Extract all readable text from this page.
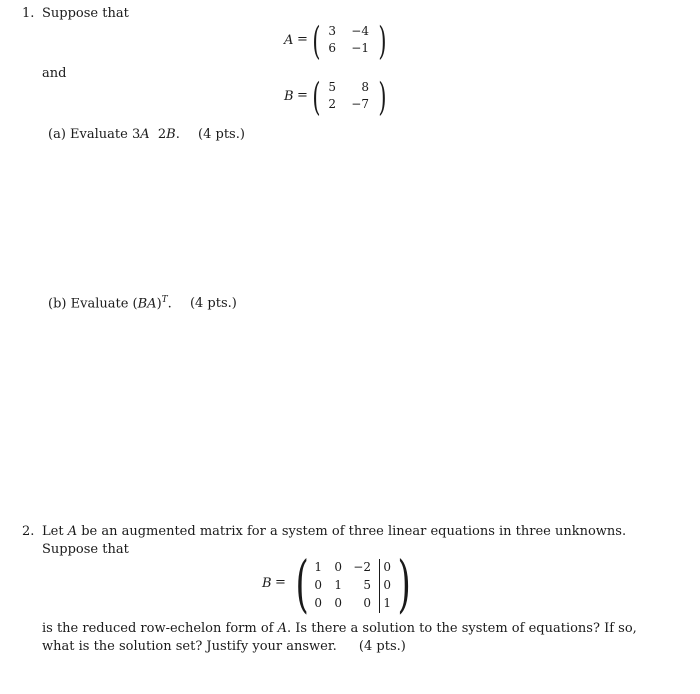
1. Suppose that
A = ( 3	−4
6	−1 )
and
B = ( 5	8
2	−7 )
(a) Evaluate 3A  2B. (4 pts.)
(b) Evaluate (BA)$^T$. (4 pts.)
2. Let A be an augmented matrix for a system of three linear equations in three unknowns.
Suppose that
B = ( 1	0 −2	0
0	1	5	0
0	0	0	1 )
is the reduced row-echelon form of A. Is there a solution to the system of equations? If so,
what is the solution set? Justify your answer. (4 pts.)
